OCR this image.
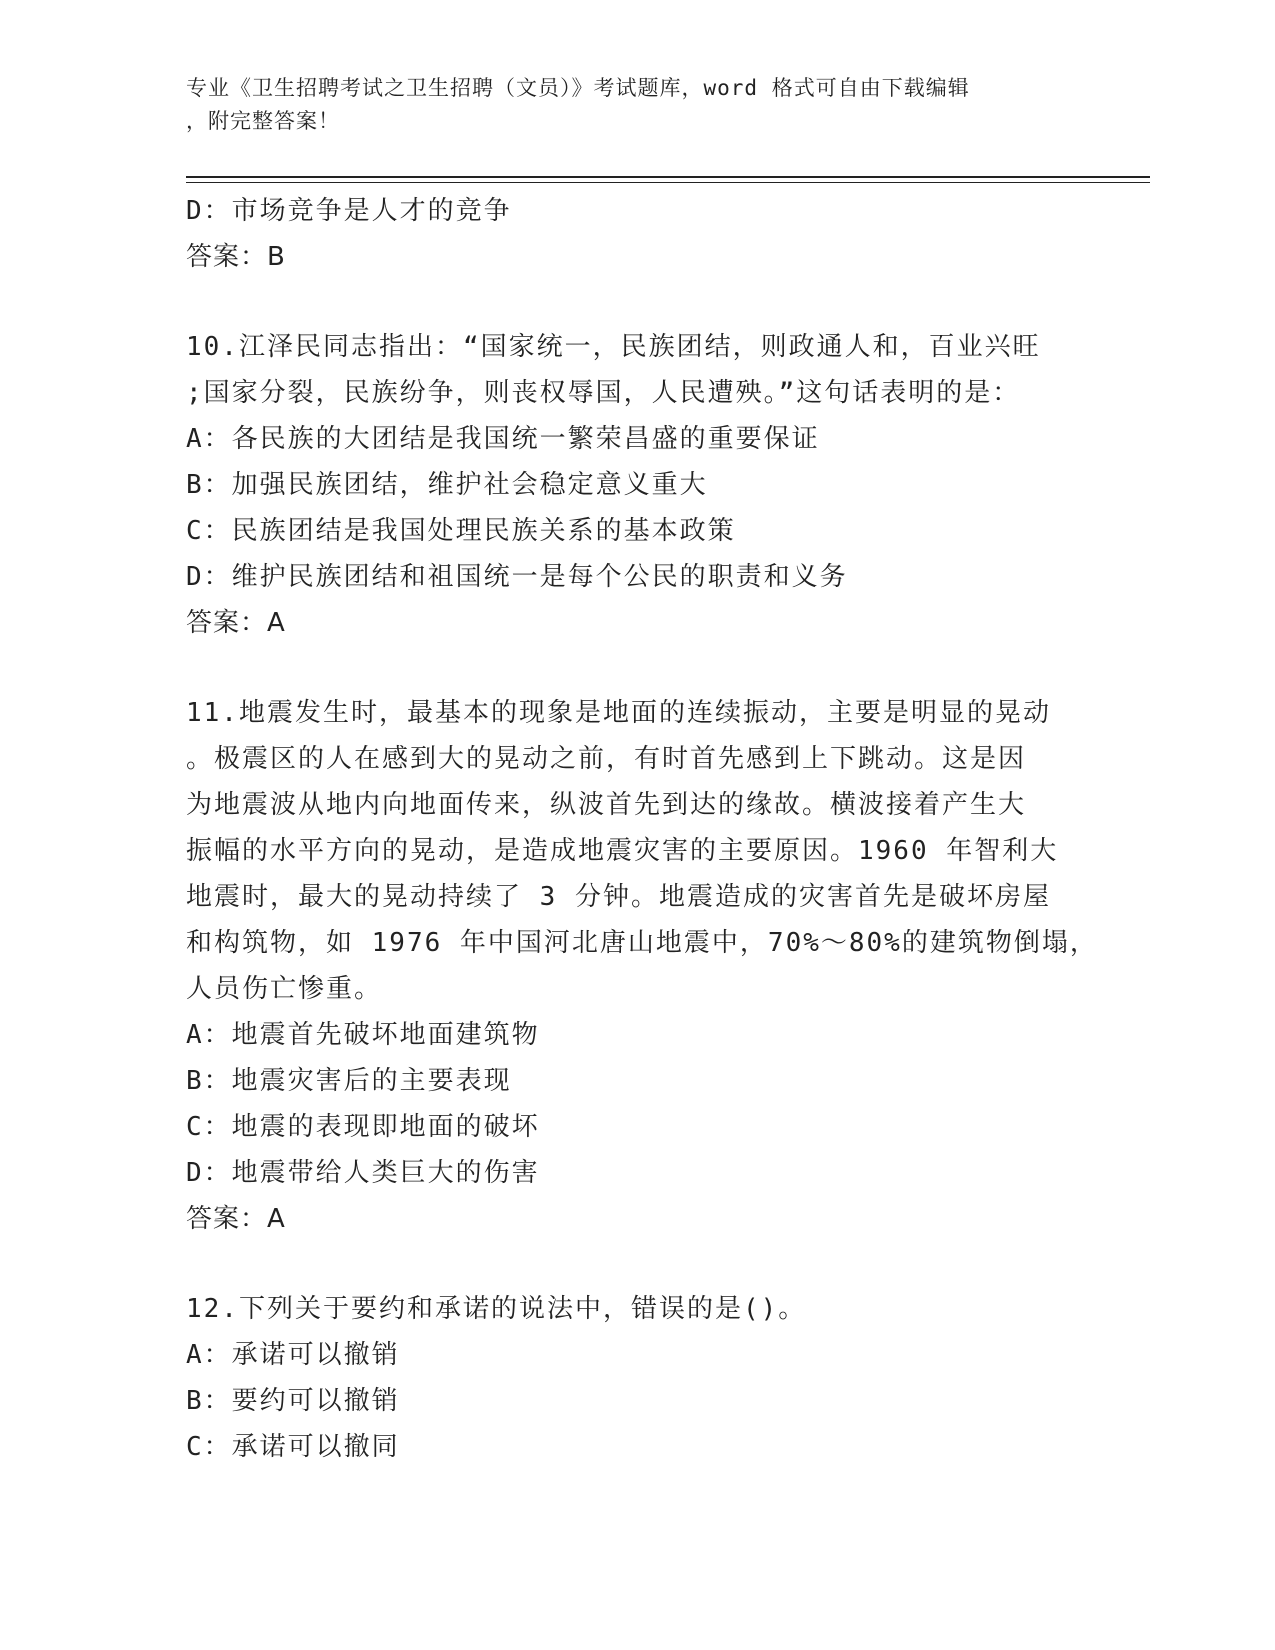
专业《卫生招聘考试之卫生招聘（文员）》考试题库，word 格式可自由下载编辑
，附完整答案！
D：市场竞争是人才的竞争
答案：B
10.江泽民同志指出：“国家统一，民族团结，则政通人和，百业兴旺
;国家分裂，民族纷争，则丧权辱国，人民遭殃。”这句话表明的是：
A：各民族的大团结是我国统一繁荣昌盛的重要保证
B：加强民族团结，维护社会稳定意义重大
C：民族团结是我国处理民族关系的基本政策
D：维护民族团结和祖国统一是每个公民的职责和义务
答案：A
11.地震发生时，最基本的现象是地面的连续振动，主要是明显的晃动
。极震区的人在感到大的晃动之前，有时首先感到上下跳动。这是因
为地震波从地内向地面传来，纵波首先到达的缘故。横波接着产生大
振幅的水平方向的晃动，是造成地震灾害的主要原因。1960 年智利大
地震时，最大的晃动持续了 3 分钟。地震造成的灾害首先是破坏房屋
和构筑物，如 1976 年中国河北唐山地震中，70%～80%的建筑物倒塌，
人员伤亡惨重。
A：地震首先破坏地面建筑物
B：地震灾害后的主要表现
C：地震的表现即地面的破坏
D：地震带给人类巨大的伤害
答案：A
12.下列关于要约和承诺的说法中，错误的是()。
A：承诺可以撤销
B：要约可以撤销
C：承诺可以撤同
